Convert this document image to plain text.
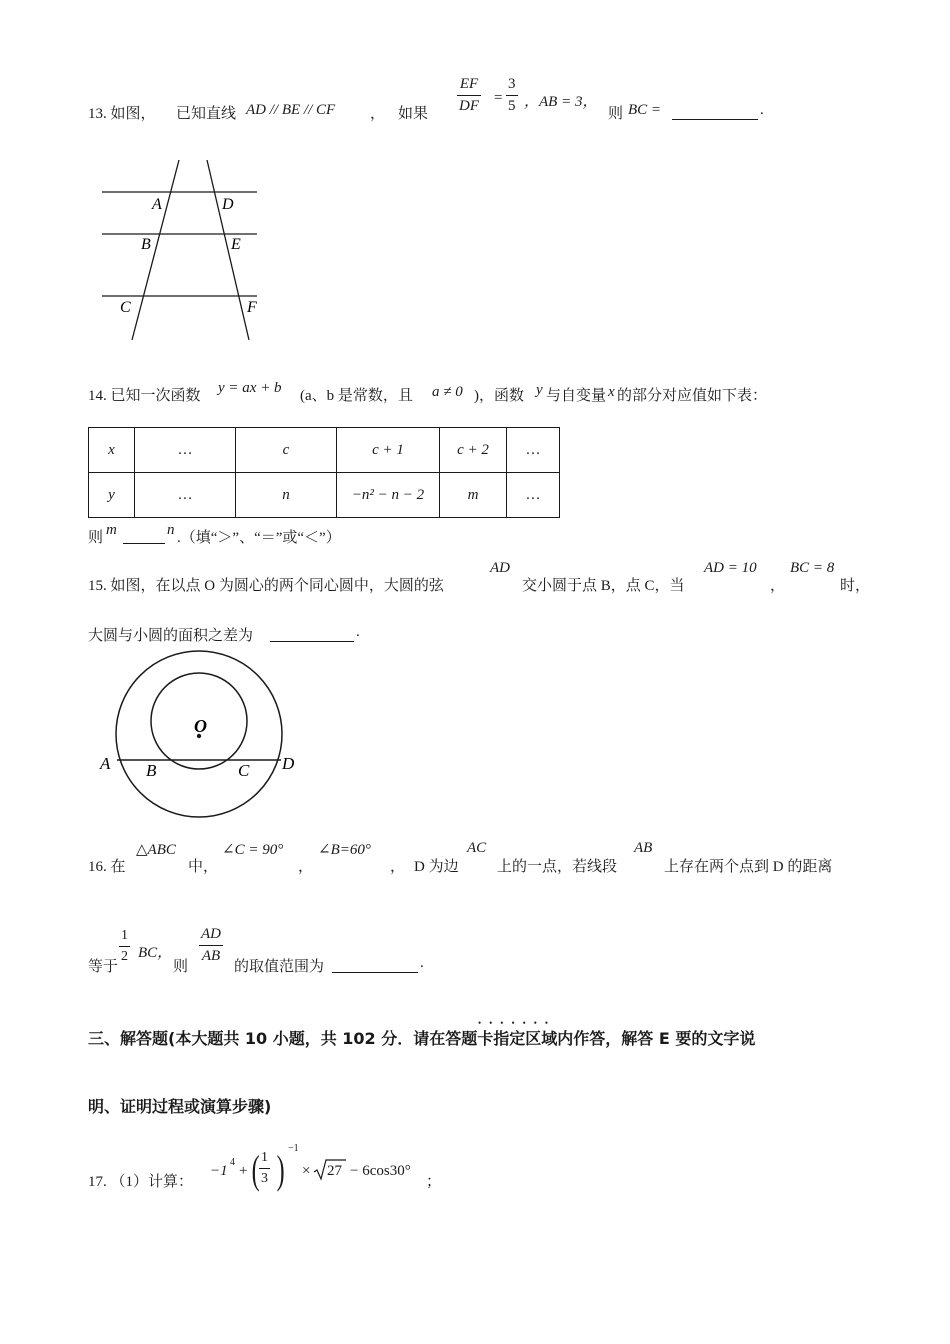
13. 如图， 已知直线 AD // BE // CF ， 如果
EF
DF =
3
5 ，AB = 3，
则 BC =
	.
A	D
B	E
C	F
14. 已知一次函数 y = ax + b (a、b 是常数，且 a ≠ 0 )，函数 y 与自变量 x 的部分对应值如下表：
x	…	c	c + 1	c + 2	…
y	…	n	−n² − n − 2	m	…
则 m
	n .（填“＞”、“＝”或“＜”）
15. 如图，在以点 O 为圆心的两个同心圆中，大圆的弦
AD
交小圆于点 B，点 C，当
AD = 10
，
BC = 8
时，
大圆与小圆的面积之差为
	.
O
A B	C D
16. 在
△ABC
中，
∠C = 90°
，
∠B=60°
， D 为边
AC
上的一点，若线段
AB
上存在两个点到 D 的距离
等于
1
2 BC，
则
AD
AB
的取值范围为
	.
•••••••
三、解答题(本大题共 10 小题，共 102 分．请在答题卡指定区域内作答，解答 E 要的文字说
明、证明过程或演算步骤)
17. （1）计算：
−1
4
+ ( 1
3 ) −1
× 27 − 6cos30°
；
